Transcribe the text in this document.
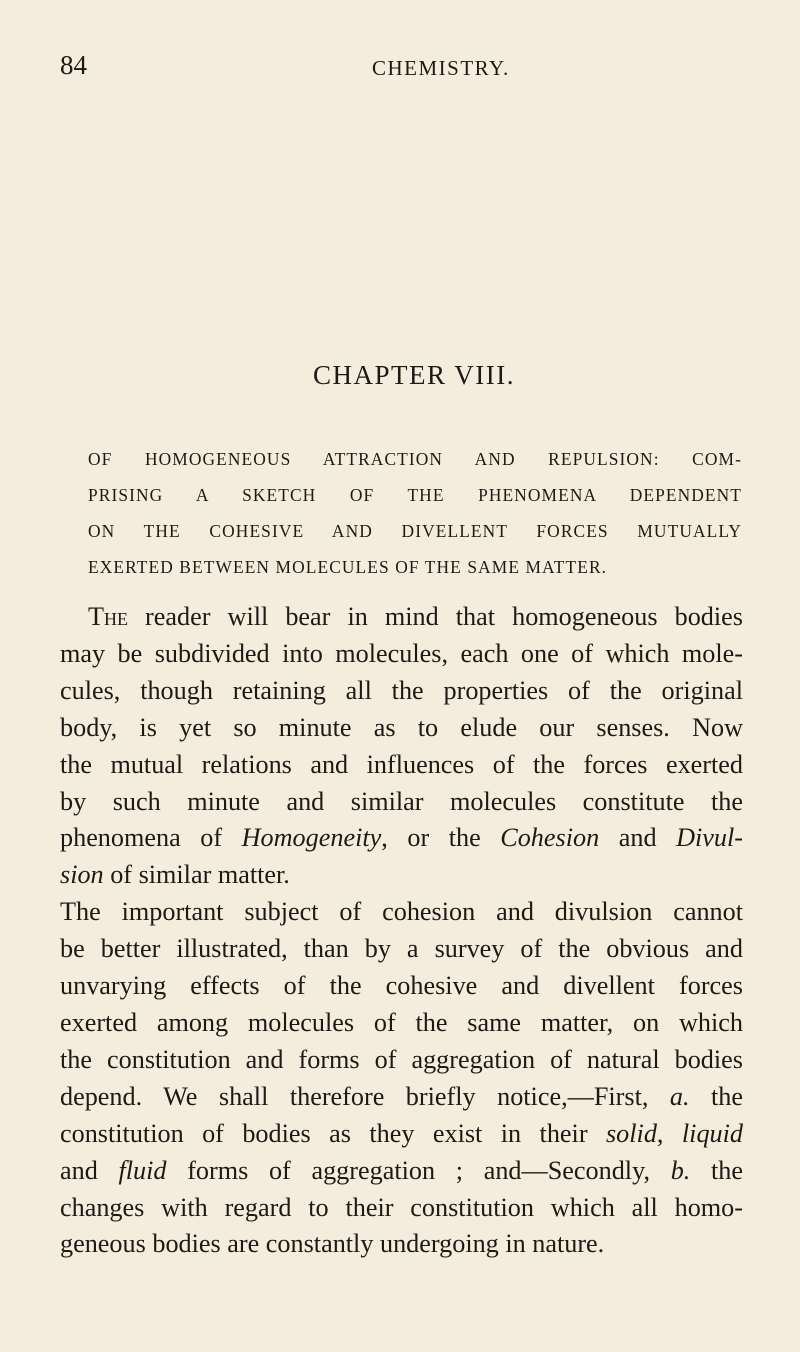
84	CHEMISTRY.
CHAPTER VIII.
OF HOMOGENEOUS ATTRACTION AND REPULSION: COM-
PRISING A SKETCH OF THE PHENOMENA DEPENDENT
ON THE COHESIVE AND DIVELLENT FORCES MUTUALLY
EXERTED BETWEEN MOLECULES OF THE SAME MATTER.
The reader will bear in mind that homogeneous bodies
may be subdivided into molecules, each one of which mole-
cules, though retaining all the properties of the original
body, is yet so minute as to elude our senses. Now
the mutual relations and influences of the forces exerted
by such minute and similar molecules constitute the
phenomena of Homogeneity, or the Cohesion and Divul-
sion of similar matter.
The important subject of cohesion and divulsion cannot
be better illustrated, than by a survey of the obvious and
unvarying effects of the cohesive and divellent forces
exerted among molecules of the same matter, on which
the constitution and forms of aggregation of natural bodies
depend. We shall therefore briefly notice,—First, a. the
constitution of bodies as they exist in their solid, liquid
and fluid forms of aggregation ; and—Secondly, b. the
changes with regard to their constitution which all homo-
geneous bodies are constantly undergoing in nature.
